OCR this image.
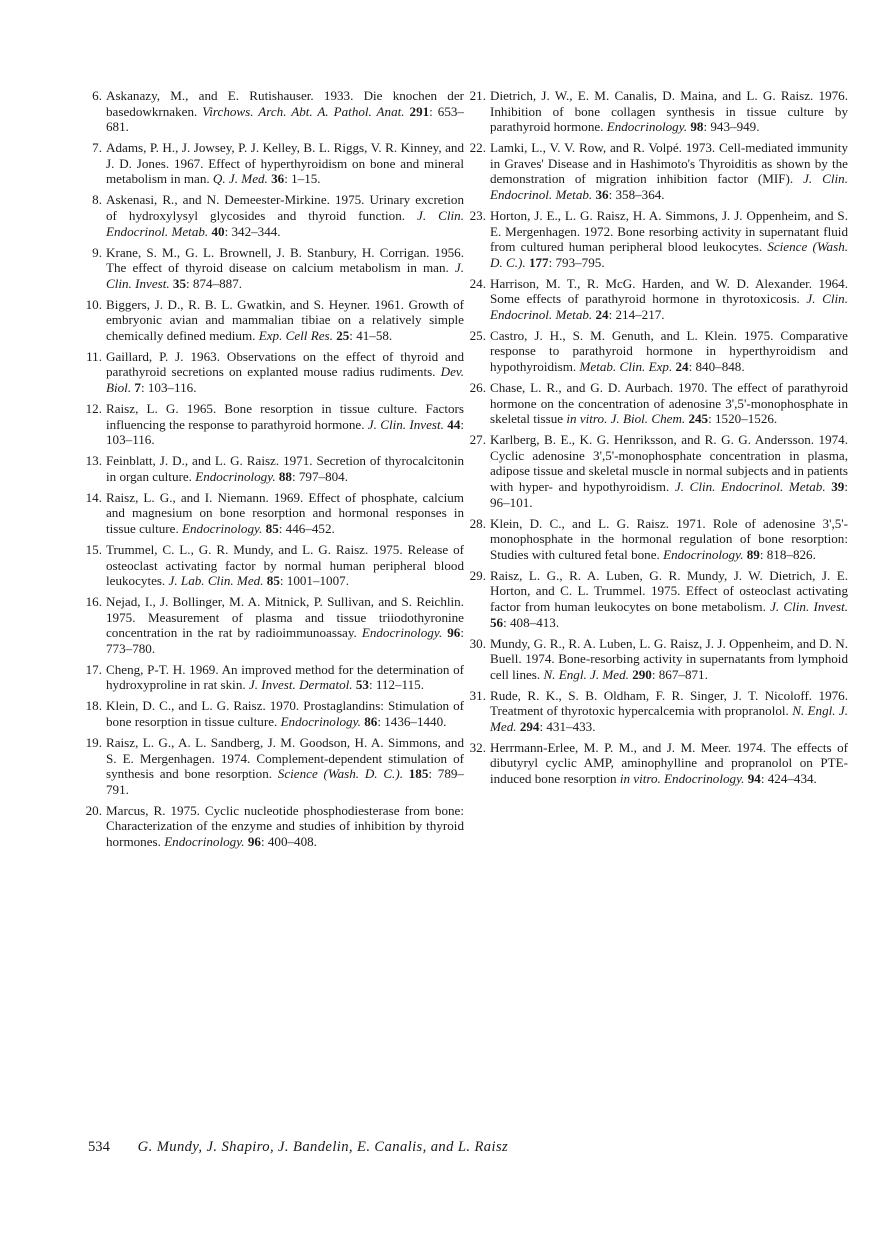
6. Askanazy, M., and E. Rutishauser. 1933. Die knochen der basedowkrnaken. Virchows. Arch. Abt. A. Pathol. Anat. 291: 653–681.
7. Adams, P. H., J. Jowsey, P. J. Kelley, B. L. Riggs, V. R. Kinney, and J. D. Jones. 1967. Effect of hyperthyroidism on bone and mineral metabolism in man. Q. J. Med. 36: 1–15.
8. Askenasi, R., and N. Demeester-Mirkine. 1975. Urinary excretion of hydroxylysyl glycosides and thyroid function. J. Clin. Endocrinol. Metab. 40: 342–344.
9. Krane, S. M., G. L. Brownell, J. B. Stanbury, H. Corrigan. 1956. The effect of thyroid disease on calcium metabolism in man. J. Clin. Invest. 35: 874–887.
10. Biggers, J. D., R. B. L. Gwatkin, and S. Heyner. 1961. Growth of embryonic avian and mammalian tibiae on a relatively simple chemically defined medium. Exp. Cell Res. 25: 41–58.
11. Gaillard, P. J. 1963. Observations on the effect of thyroid and parathyroid secretions on explanted mouse radius rudiments. Dev. Biol. 7: 103–116.
12. Raisz, L. G. 1965. Bone resorption in tissue culture. Factors influencing the response to parathyroid hormone. J. Clin. Invest. 44: 103–116.
13. Feinblatt, J. D., and L. G. Raisz. 1971. Secretion of thyrocalcitonin in organ culture. Endocrinology. 88: 797–804.
14. Raisz, L. G., and I. Niemann. 1969. Effect of phosphate, calcium and magnesium on bone resorption and hormonal responses in tissue culture. Endocrinology. 85: 446–452.
15. Trummel, C. L., G. R. Mundy, and L. G. Raisz. 1975. Release of osteoclast activating factor by normal human peripheral blood leukocytes. J. Lab. Clin. Med. 85: 1001–1007.
16. Nejad, I., J. Bollinger, M. A. Mitnick, P. Sullivan, and S. Reichlin. 1975. Measurement of plasma and tissue triiodothyronine concentration in the rat by radioimmunoassay. Endocrinology. 96: 773–780.
17. Cheng, P-T. H. 1969. An improved method for the determination of hydroxyproline in rat skin. J. Invest. Dermatol. 53: 112–115.
18. Klein, D. C., and L. G. Raisz. 1970. Prostaglandins: Stimulation of bone resorption in tissue culture. Endocrinology. 86: 1436–1440.
19. Raisz, L. G., A. L. Sandberg, J. M. Goodson, H. A. Simmons, and S. E. Mergenhagen. 1974. Complement-dependent stimulation of synthesis and bone resorption. Science (Wash. D. C.). 185: 789–791.
20. Marcus, R. 1975. Cyclic nucleotide phosphodiesterase from bone: Characterization of the enzyme and studies of inhibition by thyroid hormones. Endocrinology. 96: 400–408.
21. Dietrich, J. W., E. M. Canalis, D. Maina, and L. G. Raisz. 1976. Inhibition of bone collagen synthesis in tissue culture by parathyroid hormone. Endocrinology. 98: 943–949.
22. Lamki, L., V. V. Row, and R. Volpé. 1973. Cell-mediated immunity in Graves' Disease and in Hashimoto's Thyroiditis as shown by the demonstration of migration inhibition factor (MIF). J. Clin. Endocrinol. Metab. 36: 358–364.
23. Horton, J. E., L. G. Raisz, H. A. Simmons, J. J. Oppenheim, and S. E. Mergenhagen. 1972. Bone resorbing activity in supernatant fluid from cultured human peripheral blood leukocytes. Science (Wash. D. C.). 177: 793–795.
24. Harrison, M. T., R. McG. Harden, and W. D. Alexander. 1964. Some effects of parathyroid hormone in thyrotoxicosis. J. Clin. Endocrinol. Metab. 24: 214–217.
25. Castro, J. H., S. M. Genuth, and L. Klein. 1975. Comparative response to parathyroid hormone in hyperthyroidism and hypothyroidism. Metab. Clin. Exp. 24: 840–848.
26. Chase, L. R., and G. D. Aurbach. 1970. The effect of parathyroid hormone on the concentration of adenosine 3',5'-monophosphate in skeletal tissue in vitro. J. Biol. Chem. 245: 1520–1526.
27. Karlberg, B. E., K. G. Henriksson, and R. G. G. Andersson. 1974. Cyclic adenosine 3',5'-monophosphate concentration in plasma, adipose tissue and skeletal muscle in normal subjects and in patients with hyper- and hypothyroidism. J. Clin. Endocrinol. Metab. 39: 96–101.
28. Klein, D. C., and L. G. Raisz. 1971. Role of adenosine 3',5'-monophosphate in the hormonal regulation of bone resorption: Studies with cultured fetal bone. Endocrinology. 89: 818–826.
29. Raisz, L. G., R. A. Luben, G. R. Mundy, J. W. Dietrich, J. E. Horton, and C. L. Trummel. 1975. Effect of osteoclast activating factor from human leukocytes on bone metabolism. J. Clin. Invest. 56: 408–413.
30. Mundy, G. R., R. A. Luben, L. G. Raisz, J. J. Oppenheim, and D. N. Buell. 1974. Bone-resorbing activity in supernatants from lymphoid cell lines. N. Engl. J. Med. 290: 867–871.
31. Rude, R. K., S. B. Oldham, F. R. Singer, J. T. Nicoloff. 1976. Treatment of thyrotoxic hypercalcemia with propranolol. N. Engl. J. Med. 294: 431–433.
32. Herrmann-Erlee, M. P. M., and J. M. Meer. 1974. The effects of dibutyryl cyclic AMP, aminophylline and propranolol on PTE-induced bone resorption in vitro. Endocrinology. 94: 424–434.
534 G. Mundy, J. Shapiro, J. Bandelin, E. Canalis, and L. Raisz
